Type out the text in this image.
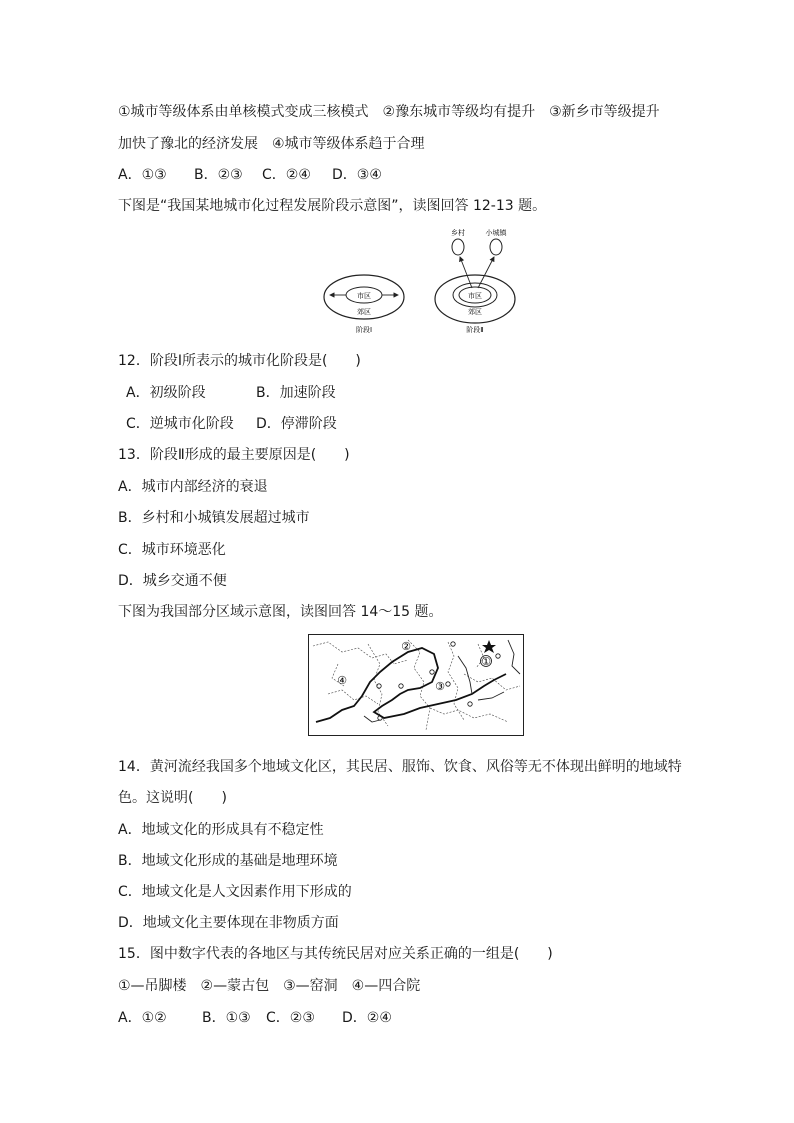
①城市等级体系由单核模式变成三核模式　②豫东城市等级均有提升　③新乡市等级提升
加快了豫北的经济发展　④城市等级体系趋于合理
A．①③ B．②③ C．②④ D．③④
下图是“我国某地城市化过程发展阶段示意图”，读图回答 12-13 题。
市区
郊区
阶段Ⅰ
乡村	小城镇
市区
郊区
阶段Ⅱ
12．阶段Ⅰ所表示的城市化阶段是(　　)
A．初级阶段	B．加速阶段
C．逆城市化阶段 D．停滞阶段
13．阶段Ⅱ形成的最主要原因是(　　)
A．城市内部经济的衰退
B．乡村和小城镇发展超过城市
C．城市环境恶化
D．城乡交通不便
下图为我国部分区域示意图，读图回答 14～15 题。
①
②
③
④
14．黄河流经我国多个地域文化区，其民居、服饰、饮食、风俗等无不体现出鲜明的地域特
色。这说明(　　)
A．地域文化的形成具有不稳定性
B．地域文化形成的基础是地理环境
C．地域文化是人文因素作用下形成的
D．地域文化主要体现在非物质方面
15．图中数字代表的各地区与其传统民居对应关系正确的一组是(　　)
①—吊脚楼　②—蒙古包　③—窑洞　④—四合院
A．①②	B．①③ C．②③ D．②④
